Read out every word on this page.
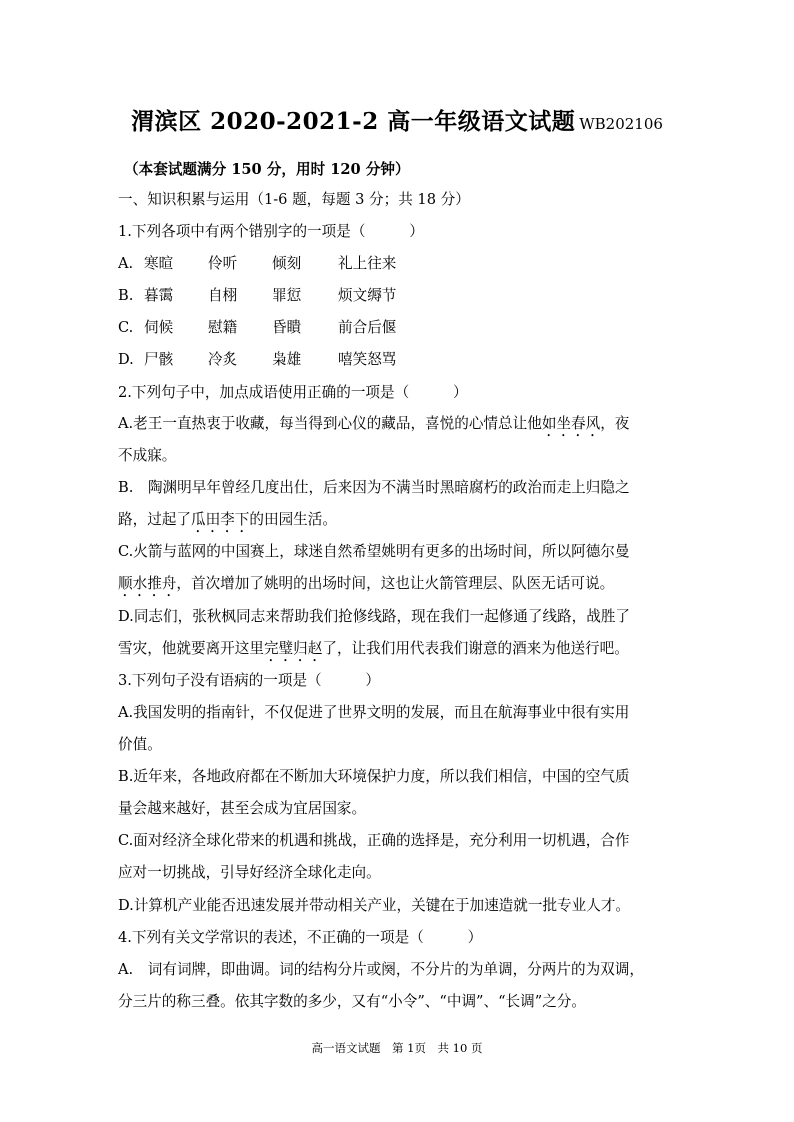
渭滨区 2020-2021-2 高一年级语文试题 WB202106
（本套试题满分 150 分，用时 120 分钟）
一、知识积累与运用（1-6 题，每题 3 分；共 18 分）
1.下列各项中有两个错别字的一项是（　　　）
A. 寒暄 伶听 倾刻	礼上往来
B. 暮霭 自栩 罪愆	烦文缛节
C. 伺候 慰籍 昏瞶	前合后偃
D. 尸骸 冷炙 枭雄	嘻笑怒骂
2.下列句子中，加点成语使用正确的一项是（　　　）
A.老王一直热衷于收藏，每当得到心仪的藏品，喜悦的心情总让他如坐春风，夜
不成寐。
B.　陶渊明早年曾经几度出仕，后来因为不满当时黑暗腐朽的政治而走上归隐之
路，过起了瓜田李下的田园生活。
C.火箭与蓝网的中国赛上，球迷自然希望姚明有更多的出场时间，所以阿德尔曼
顺水推舟，首次增加了姚明的出场时间，这也让火箭管理层、队医无话可说。
D.同志们，张秋枫同志来帮助我们抢修线路，现在我们一起修通了线路，战胜了
雪灾，他就要离开这里完璧归赵了，让我们用代表我们谢意的酒来为他送行吧。
3.下列句子没有语病的一项是（　　　）
A.我国发明的指南针，不仅促进了世界文明的发展，而且在航海事业中很有实用
价值。
B.近年来，各地政府都在不断加大环境保护力度，所以我们相信，中国的空气质
量会越来越好，甚至会成为宜居国家。
C.面对经济全球化带来的机遇和挑战，正确的选择是，充分利用一切机遇，合作
应对一切挑战，引导好经济全球化走向。
D.计算机产业能否迅速发展并带动相关产业，关键在于加速造就一批专业人才。
4.下列有关文学常识的表述，不正确的一项是（　　　）
A.　词有词牌，即曲调。词的结构分片或阕，不分片的为单调，分两片的为双调，
分三片的称三叠。依其字数的多少，又有“小令”、“中调”、“长调”之分。
高一语文试题　第 1页　共 10 页
